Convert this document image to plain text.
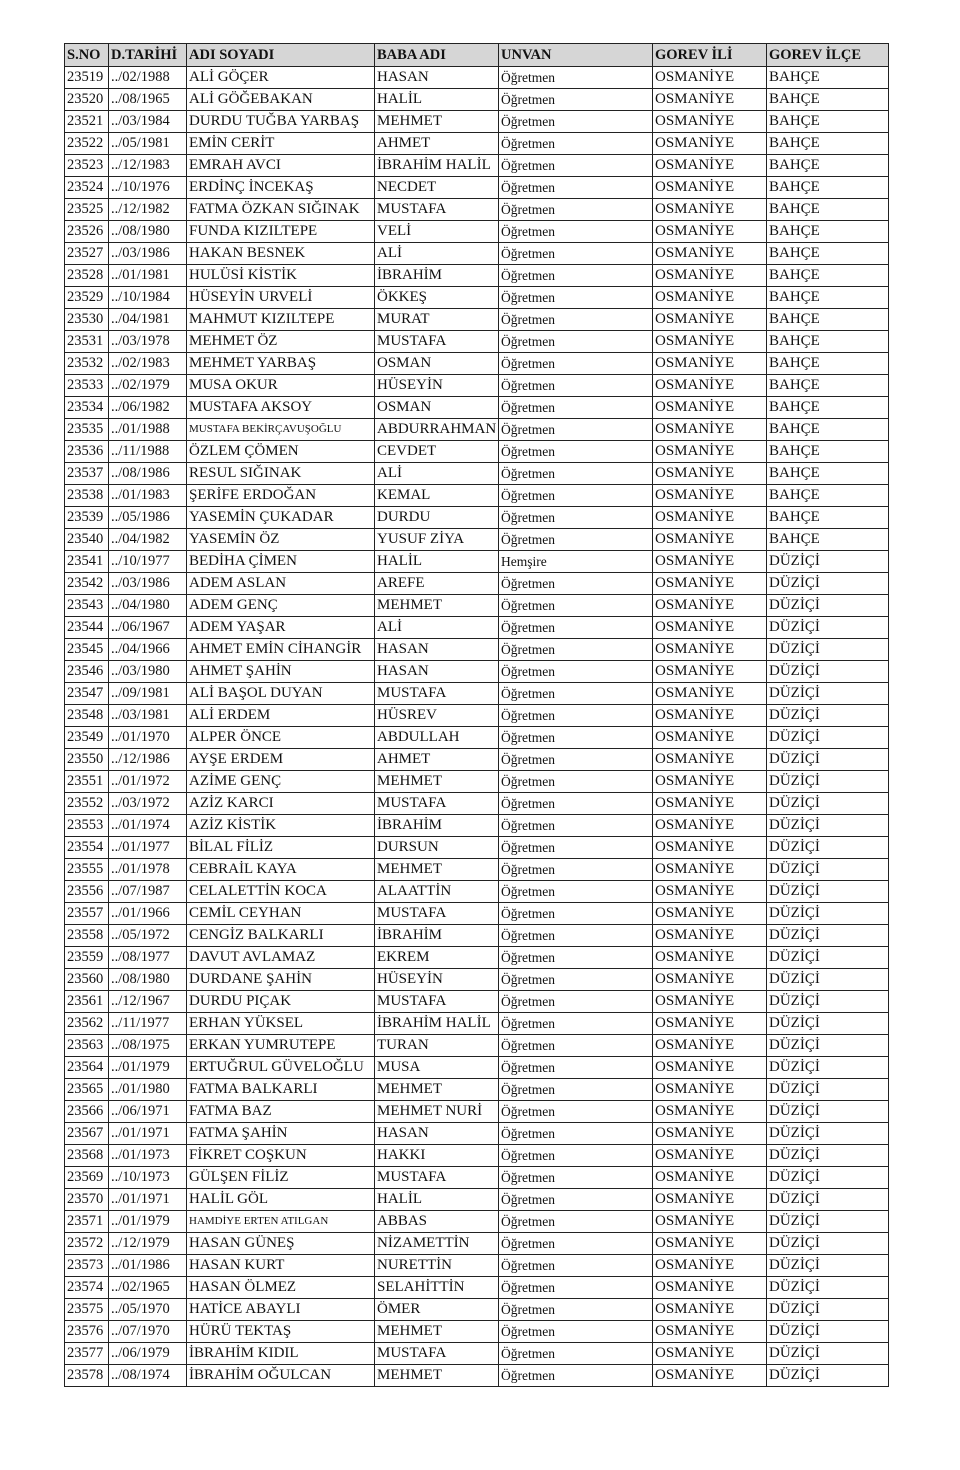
S.NO	D.TARİHİ	ADI SOYADI	BABA ADI	UNVAN	GOREV İLİ	GOREV İLÇE
23519	../02/1988	ALİ GÖÇER	HASAN	Öğretmen	OSMANİYE	BAHÇE
23520	../08/1965	ALİ GÖĞEBAKAN	HALİL	Öğretmen	OSMANİYE	BAHÇE
23521	../03/1984	DURDU TUĞBA YARBAŞ	MEHMET	Öğretmen	OSMANİYE	BAHÇE
23522	../05/1981	EMİN CERİT	AHMET	Öğretmen	OSMANİYE	BAHÇE
23523	../12/1983	EMRAH AVCI	İBRAHİM HALİL	Öğretmen	OSMANİYE	BAHÇE
23524	../10/1976	ERDİNÇ İNCEKAŞ	NECDET	Öğretmen	OSMANİYE	BAHÇE
23525	../12/1982	FATMA ÖZKAN SIĞINAK	MUSTAFA	Öğretmen	OSMANİYE	BAHÇE
23526	../08/1980	FUNDA KIZILTEPE	VELİ	Öğretmen	OSMANİYE	BAHÇE
23527	../03/1986	HAKAN BESNEK	ALİ	Öğretmen	OSMANİYE	BAHÇE
23528	../01/1981	HULÜSİ KİSTİK	İBRAHİM	Öğretmen	OSMANİYE	BAHÇE
23529	../10/1984	HÜSEYİN URVELİ	ÖKKEŞ	Öğretmen	OSMANİYE	BAHÇE
23530	../04/1981	MAHMUT KIZILTEPE	MURAT	Öğretmen	OSMANİYE	BAHÇE
23531	../03/1978	MEHMET ÖZ	MUSTAFA	Öğretmen	OSMANİYE	BAHÇE
23532	../02/1983	MEHMET YARBAŞ	OSMAN	Öğretmen	OSMANİYE	BAHÇE
23533	../02/1979	MUSA OKUR	HÜSEYİN	Öğretmen	OSMANİYE	BAHÇE
23534	../06/1982	MUSTAFA AKSOY	OSMAN	Öğretmen	OSMANİYE	BAHÇE
23535	../01/1988	MUSTAFA BEKİRÇAVUŞOĞLU	ABDURRAHMAN	Öğretmen	OSMANİYE	BAHÇE
23536	../11/1988	ÖZLEM ÇÖMEN	CEVDET	Öğretmen	OSMANİYE	BAHÇE
23537	../08/1986	RESUL SIĞINAK	ALİ	Öğretmen	OSMANİYE	BAHÇE
23538	../01/1983	ŞERİFE ERDOĞAN	KEMAL	Öğretmen	OSMANİYE	BAHÇE
23539	../05/1986	YASEMİN ÇUKADAR	DURDU	Öğretmen	OSMANİYE	BAHÇE
23540	../04/1982	YASEMİN ÖZ	YUSUF ZİYA	Öğretmen	OSMANİYE	BAHÇE
23541	../10/1977	BEDİHA ÇİMEN	HALİL	Hemşire	OSMANİYE	DÜZİÇİ
23542	../03/1986	ADEM ASLAN	AREFE	Öğretmen	OSMANİYE	DÜZİÇİ
23543	../04/1980	ADEM GENÇ	MEHMET	Öğretmen	OSMANİYE	DÜZİÇİ
23544	../06/1967	ADEM YAŞAR	ALİ	Öğretmen	OSMANİYE	DÜZİÇİ
23545	../04/1966	AHMET EMİN CİHANGİR	HASAN	Öğretmen	OSMANİYE	DÜZİÇİ
23546	../03/1980	AHMET ŞAHİN	HASAN	Öğretmen	OSMANİYE	DÜZİÇİ
23547	../09/1981	ALİ BAŞOL DUYAN	MUSTAFA	Öğretmen	OSMANİYE	DÜZİÇİ
23548	../03/1981	ALİ ERDEM	HÜSREV	Öğretmen	OSMANİYE	DÜZİÇİ
23549	../01/1970	ALPER ÖNCE	ABDULLAH	Öğretmen	OSMANİYE	DÜZİÇİ
23550	../12/1986	AYŞE ERDEM	AHMET	Öğretmen	OSMANİYE	DÜZİÇİ
23551	../01/1972	AZİME GENÇ	MEHMET	Öğretmen	OSMANİYE	DÜZİÇİ
23552	../03/1972	AZİZ KARCI	MUSTAFA	Öğretmen	OSMANİYE	DÜZİÇİ
23553	../01/1974	AZİZ KİSTİK	İBRAHİM	Öğretmen	OSMANİYE	DÜZİÇİ
23554	../01/1977	BİLAL FİLİZ	DURSUN	Öğretmen	OSMANİYE	DÜZİÇİ
23555	../01/1978	CEBRAİL KAYA	MEHMET	Öğretmen	OSMANİYE	DÜZİÇİ
23556	../07/1987	CELALETTİN KOCA	ALAATTİN	Öğretmen	OSMANİYE	DÜZİÇİ
23557	../01/1966	CEMİL CEYHAN	MUSTAFA	Öğretmen	OSMANİYE	DÜZİÇİ
23558	../05/1972	CENGİZ BALKARLI	İBRAHİM	Öğretmen	OSMANİYE	DÜZİÇİ
23559	../08/1977	DAVUT AVLAMAZ	EKREM	Öğretmen	OSMANİYE	DÜZİÇİ
23560	../08/1980	DURDANE ŞAHİN	HÜSEYİN	Öğretmen	OSMANİYE	DÜZİÇİ
23561	../12/1967	DURDU PIÇAK	MUSTAFA	Öğretmen	OSMANİYE	DÜZİÇİ
23562	../11/1977	ERHAN YÜKSEL	İBRAHİM HALİL	Öğretmen	OSMANİYE	DÜZİÇİ
23563	../08/1975	ERKAN YUMRUTEPE	TURAN	Öğretmen	OSMANİYE	DÜZİÇİ
23564	../01/1979	ERTUĞRUL GÜVELOĞLU	MUSA	Öğretmen	OSMANİYE	DÜZİÇİ
23565	../01/1980	FATMA BALKARLI	MEHMET	Öğretmen	OSMANİYE	DÜZİÇİ
23566	../06/1971	FATMA BAZ	MEHMET NURİ	Öğretmen	OSMANİYE	DÜZİÇİ
23567	../01/1971	FATMA ŞAHİN	HASAN	Öğretmen	OSMANİYE	DÜZİÇİ
23568	../01/1973	FİKRET COŞKUN	HAKKI	Öğretmen	OSMANİYE	DÜZİÇİ
23569	../10/1973	GÜLŞEN FİLİZ	MUSTAFA	Öğretmen	OSMANİYE	DÜZİÇİ
23570	../01/1971	HALİL GÖL	HALİL	Öğretmen	OSMANİYE	DÜZİÇİ
23571	../01/1979	HAMDİYE ERTEN ATILGAN	ABBAS	Öğretmen	OSMANİYE	DÜZİÇİ
23572	../12/1979	HASAN GÜNEŞ	NİZAMETTİN	Öğretmen	OSMANİYE	DÜZİÇİ
23573	../01/1986	HASAN KURT	NURETTİN	Öğretmen	OSMANİYE	DÜZİÇİ
23574	../02/1965	HASAN ÖLMEZ	SELAHİTTİN	Öğretmen	OSMANİYE	DÜZİÇİ
23575	../05/1970	HATİCE ABAYLI	ÖMER	Öğretmen	OSMANİYE	DÜZİÇİ
23576	../07/1970	HÜRÜ TEKTAŞ	MEHMET	Öğretmen	OSMANİYE	DÜZİÇİ
23577	../06/1979	İBRAHİM KIDIL	MUSTAFA	Öğretmen	OSMANİYE	DÜZİÇİ
23578	../08/1974	İBRAHİM OĞULCAN	MEHMET	Öğretmen	OSMANİYE	DÜZİÇİ
